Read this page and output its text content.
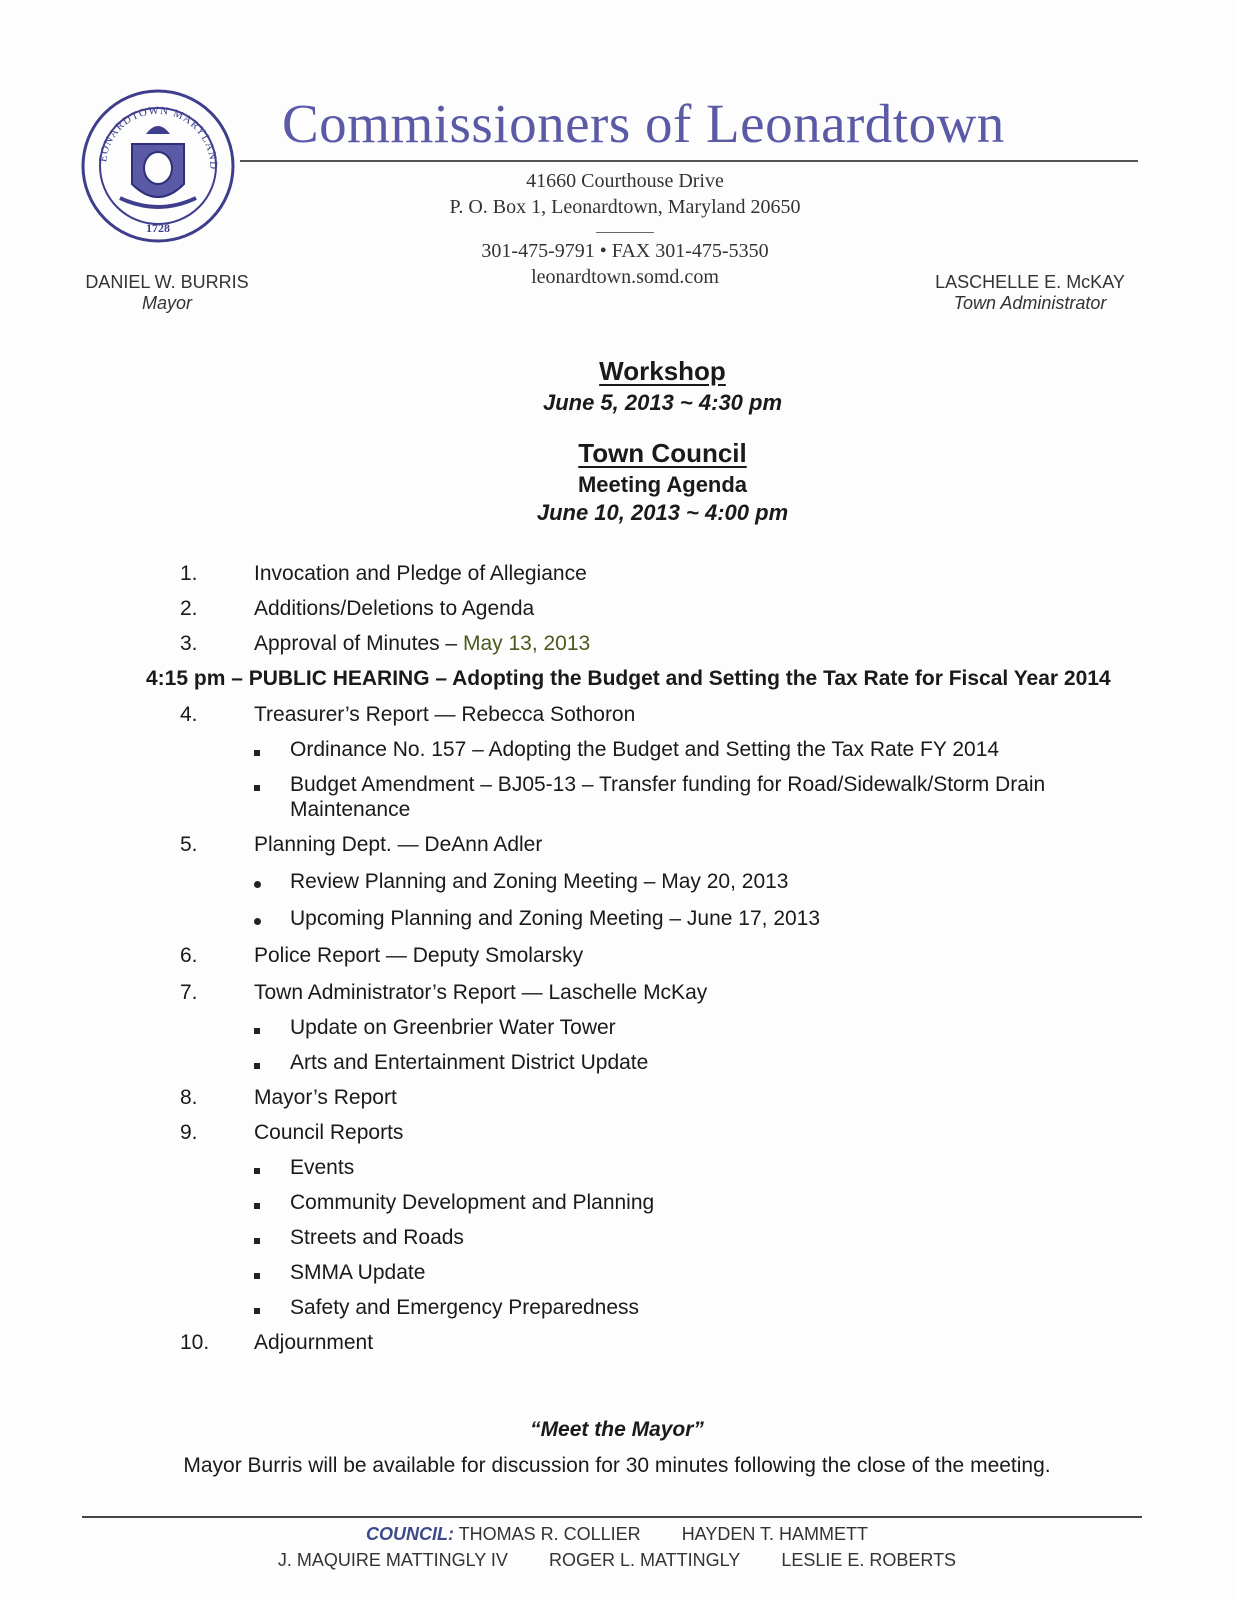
EONARDTOWN MARYLAND
1728
Commissioners of Leonardtown
41660 Courthouse Drive
P. O. Box 1, Leonardtown, Maryland 20650
301-475-9791 • FAX 301-475-5350
leonardtown.somd.com
DANIEL W. BURRIS
Mayor
LASCHELLE E. McKAY
Town Administrator
Workshop
June 5, 2013 ~ 4:30 pm
Town Council
Meeting Agenda
June 10, 2013 ~ 4:00 pm
1.	Invocation and Pledge of Allegiance
2.	Additions/Deletions to Agenda
3.	Approval of Minutes – May 13, 2013
4:15 pm – PUBLIC HEARING – Adopting the Budget and Setting the Tax Rate for Fiscal Year 2014
4.	Treasurer’s Report — Rebecca Sothoron
Ordinance No. 157 – Adopting the Budget and Setting the Tax Rate FY 2014
Budget Amendment – BJ05-13 – Transfer funding for Road/Sidewalk/Storm Drain
Maintenance
5.	Planning Dept. — DeAnn Adler
Review Planning and Zoning Meeting – May 20, 2013
Upcoming Planning and Zoning Meeting – June 17, 2013
6.	Police Report — Deputy Smolarsky
7.	Town Administrator’s Report — Laschelle McKay
Update on Greenbrier Water Tower
Arts and Entertainment District Update
8.	Mayor’s Report
9.	Council Reports
Events
Community Development and Planning
Streets and Roads
SMMA Update
Safety and Emergency Preparedness
10. Adjournment
“Meet the Mayor”
Mayor Burris will be available for discussion for 30 minutes following the close of the meeting.
COUNCIL: THOMAS R. COLLIER HAYDEN T. HAMMETT
J. MAQUIRE MATTINGLY IV ROGER L. MATTINGLY LESLIE E. ROBERTS
